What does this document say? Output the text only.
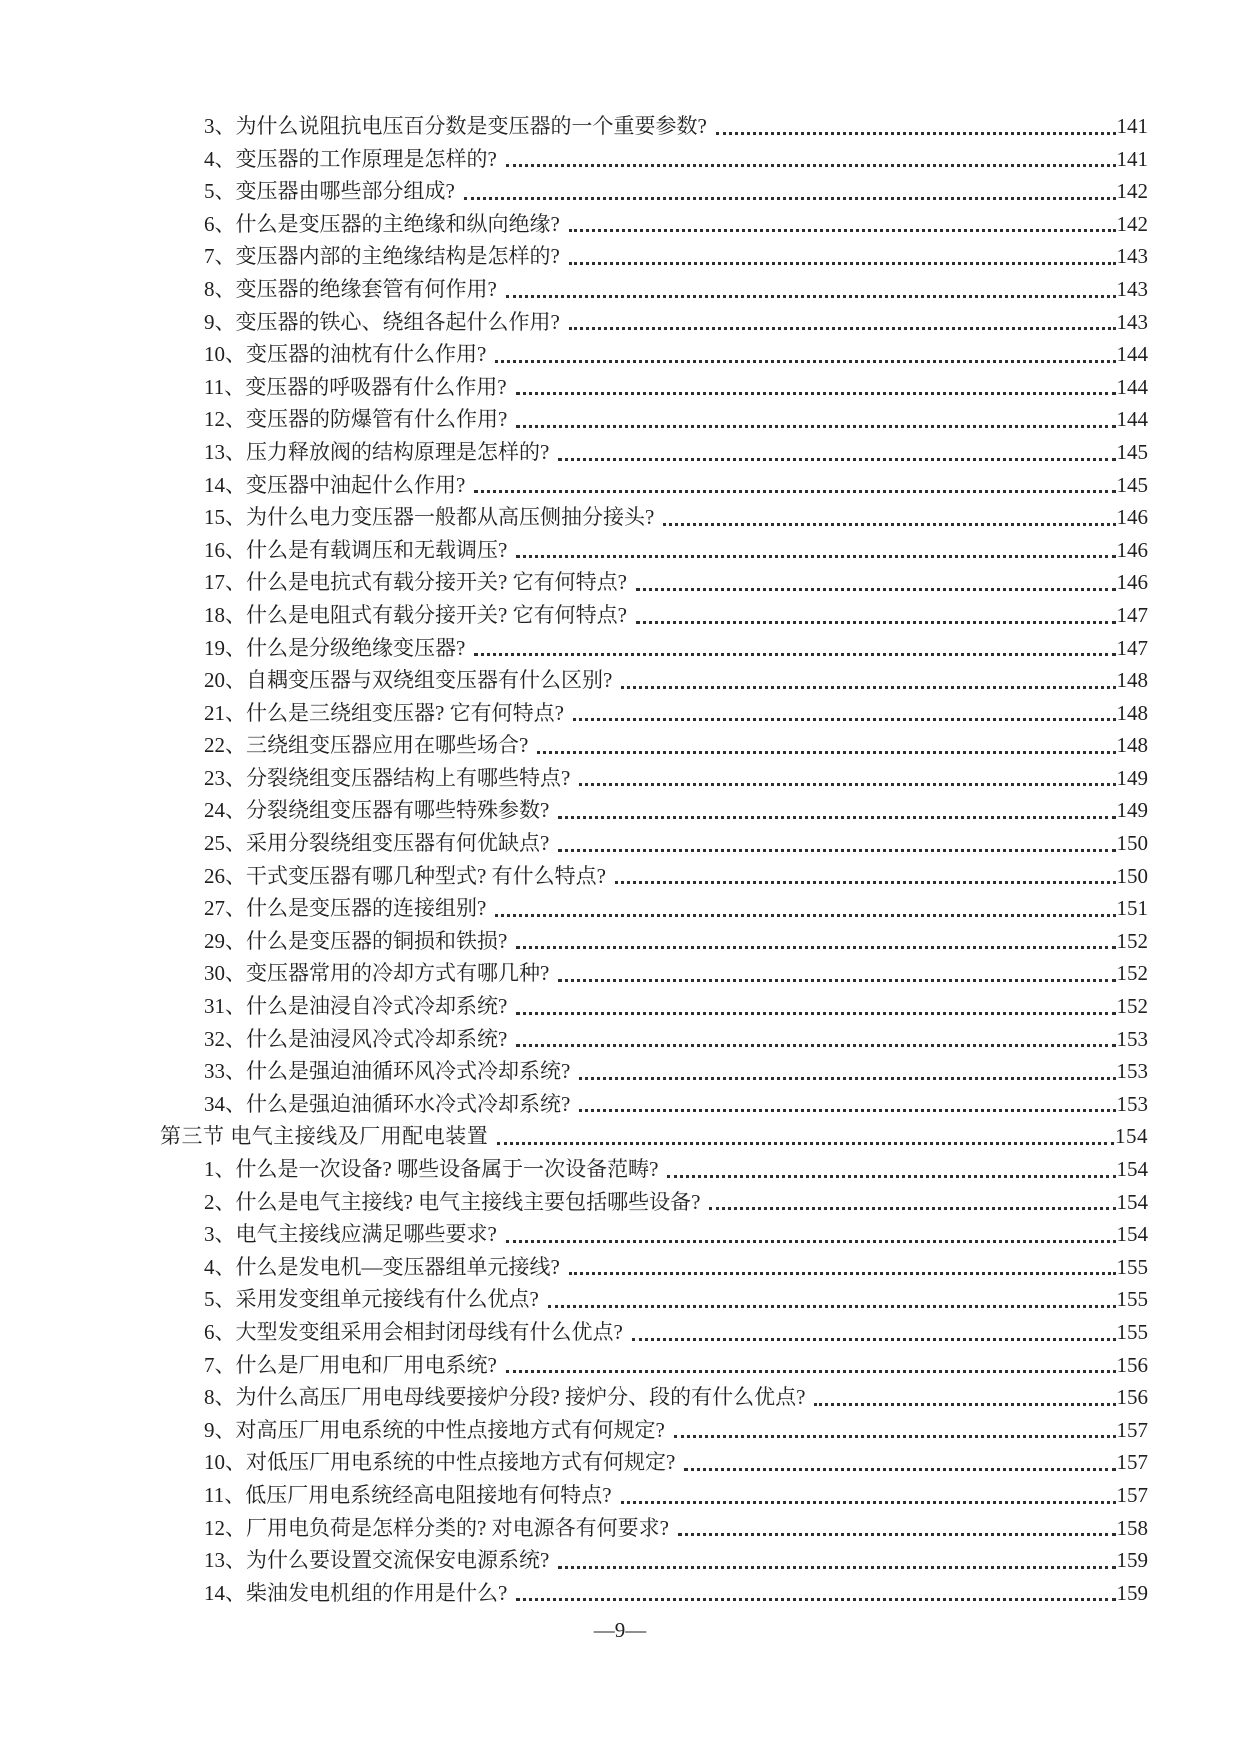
3、为什么说阻抗电压百分数是变压器的一个重要参数?	141
4、变压器的工作原理是怎样的?	141
5、变压器由哪些部分组成?	142
6、什么是变压器的主绝缘和纵向绝缘?	142
7、变压器内部的主绝缘结构是怎样的?	143
8、变压器的绝缘套管有何作用?	143
9、变压器的铁心、绕组各起什么作用?	143
10、变压器的油枕有什么作用?	144
11、变压器的呼吸器有什么作用?	144
12、变压器的防爆管有什么作用?	144
13、压力释放阀的结构原理是怎样的?	145
14、变压器中油起什么作用?	145
15、为什么电力变压器一般都从高压侧抽分接头?	146
16、什么是有载调压和无载调压?	146
17、什么是电抗式有载分接开关? 它有何特点?	146
18、什么是电阻式有载分接开关? 它有何特点?	147
19、什么是分级绝缘变压器?	147
20、自耦变压器与双绕组变压器有什么区别?	148
21、什么是三绕组变压器? 它有何特点?	148
22、三绕组变压器应用在哪些场合?	148
23、分裂绕组变压器结构上有哪些特点?	149
24、分裂绕组变压器有哪些特殊参数?	149
25、采用分裂绕组变压器有何优缺点?	150
26、干式变压器有哪几种型式? 有什么特点?	150
27、什么是变压器的连接组别?	151
29、什么是变压器的铜损和铁损?	152
30、变压器常用的冷却方式有哪几种?	152
31、什么是油浸自冷式冷却系统?	152
32、什么是油浸风冷式冷却系统?	153
33、什么是强迫油循环风冷式冷却系统?	153
34、什么是强迫油循环水冷式冷却系统?	153
第三节 电气主接线及厂用配电装置	154
1、什么是一次设备? 哪些设备属于一次设备范畴?	154
2、什么是电气主接线? 电气主接线主要包括哪些设备?	154
3、电气主接线应满足哪些要求?	154
4、什么是发电机—变压器组单元接线?	155
5、采用发变组单元接线有什么优点?	155
6、大型发变组采用会相封闭母线有什么优点?	155
7、什么是厂用电和厂用电系统?	156
8、为什么高压厂用电母线要接炉分段? 接炉分、段的有什么优点?	156
9、对高压厂用电系统的中性点接地方式有何规定?	157
10、对低压厂用电系统的中性点接地方式有何规定?	157
11、低压厂用电系统经高电阻接地有何特点?	157
12、厂用电负荷是怎样分类的? 对电源各有何要求?	158
13、为什么要设置交流保安电源系统?	159
14、柴油发电机组的作用是什么?	159
—9—
